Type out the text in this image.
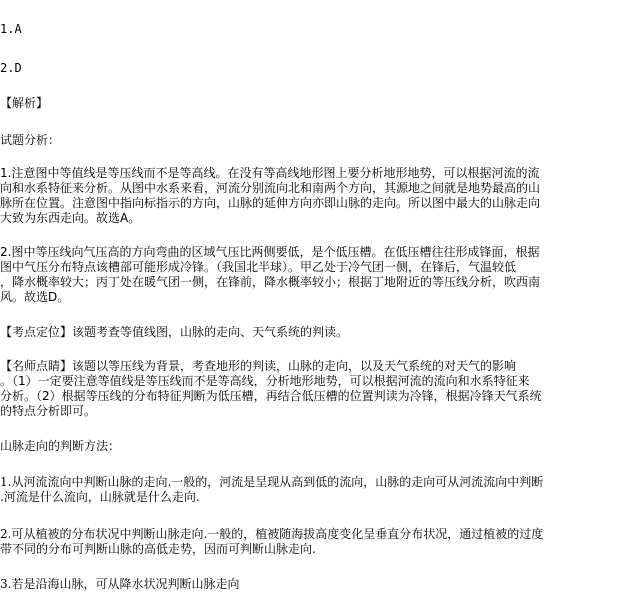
1.A
2.D
【解析】
试题分析：
1.注意图中等值线是等压线而不是等高线。在没有等高线地形图上要分析地形地势，可以根据河流的流
向和水系特征来分析。从图中水系来看，河流分别流向北和南两个方向，其源地之间就是地势最高的山
脉所在位置。注意图中指向标指示的方向，山脉的延伸方向亦即山脉的走向。所以图中最大的山脉走向
大致为东西走向。故选A。
2.图中等压线向气压高的方向弯曲的区域气压比两侧要低，是个低压槽。在低压槽往往形成锋面，根据
图中气压分布特点该槽部可能形成冷锋。（我国北半球）。甲乙处于冷气团一侧，在锋后，气温较低
，降水概率较大；丙丁处在暖气团一侧，在锋前，降水概率较小；根据丁地附近的等压线分析，吹西南
风。故选D。
【考点定位】该题考查等值线图，山脉的走向、天气系统的判读。
【名师点睛】该题以等压线为背景，考查地形的判读，山脉的走向，以及天气系统的对天气的影响
。（1）一定要注意等值线是等压线而不是等高线，分析地形地势，可以根据河流的流向和水系特征来
分析。（2）根据等压线的分布特征判断为低压槽，再结合低压槽的位置判读为冷锋，根据冷锋天气系统
的特点分析即可。
山脉走向的判断方法：
1.从河流流向中判断山脉的走向.一般的，河流是呈现从高到低的流向，山脉的走向可从河流流向中判断
.河流是什么流向，山脉就是什么走向.
2.可从植被的分布状况中判断山脉走向.一般的，植被随海拔高度变化呈垂直分布状况，通过植被的过度
带不同的分布可判断山脉的高低走势，因而可判断山脉走向.
3.若是沿海山脉，可从降水状况判断山脉走向
